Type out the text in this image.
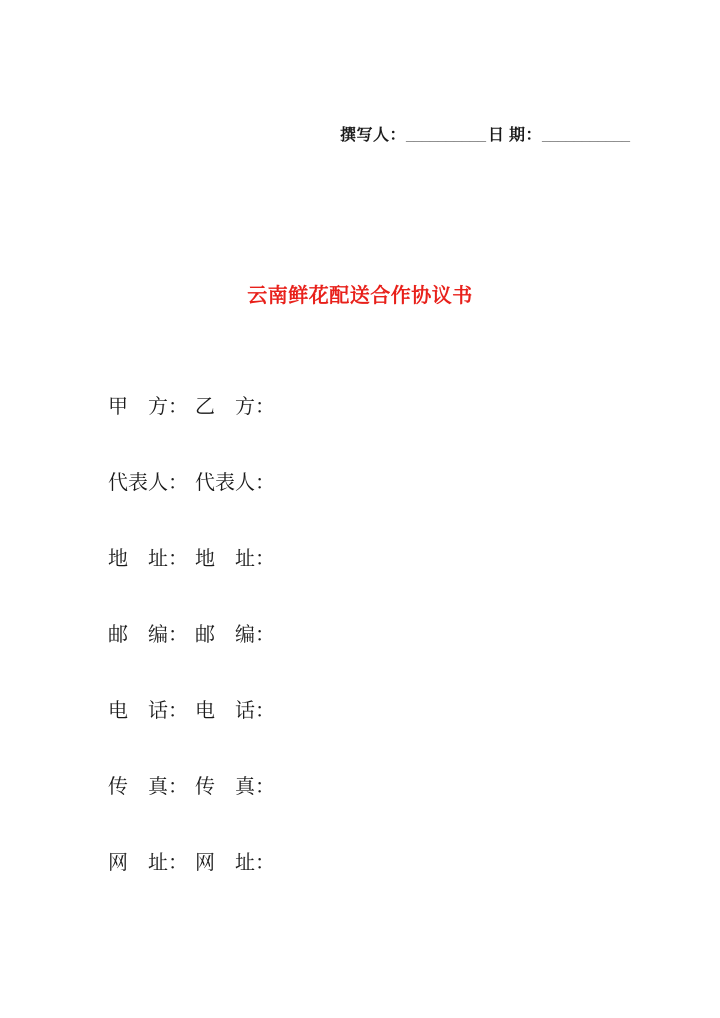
撰写人：__________ 日 期：___________
云南鲜花配送合作协议书
甲　方： 乙　方：
代表人： 代表人：
地　址： 地　址：
邮　编： 邮　编：
电　话： 电　话：
传　真： 传　真：
网　址： 网　址：
